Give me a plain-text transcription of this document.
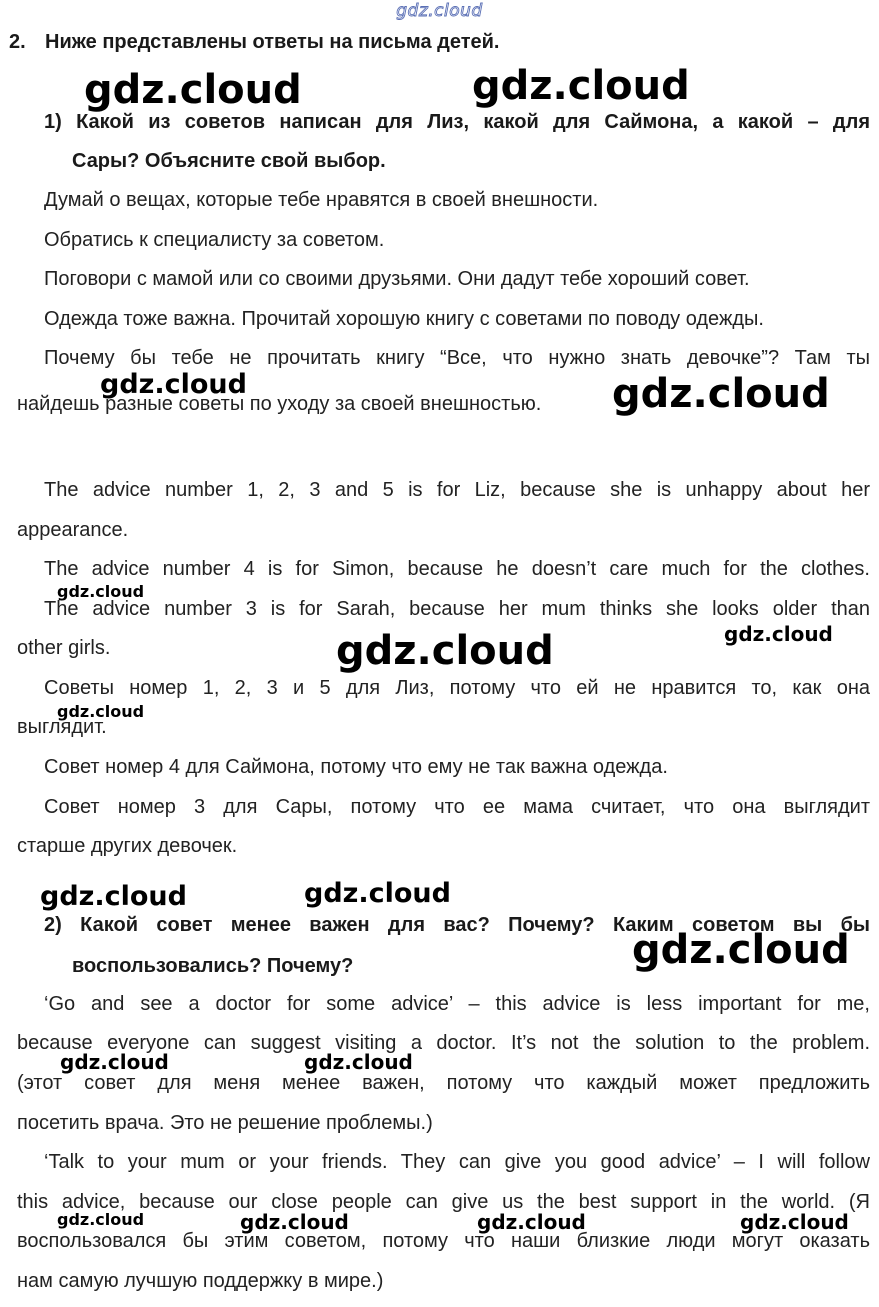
gdz.cloud
2. Ниже представлены ответы на письма детей.
1) Какой из советов написан для Лиз, какой для Саймона, а какой – для
Сары? Объясните свой выбор.
Думай о вещах, которые тебе нравятся в своей внешности.
Обратись к специалисту за советом.
Поговори с мамой или со своими друзьями. Они дадут тебе хороший совет.
Одежда тоже важна. Прочитай хорошую книгу с советами по поводу одежды.
Почему бы тебе не прочитать книгу “Все, что нужно знать девочке”? Там ты
найдешь разные советы по уходу за своей внешностью.
The advice number 1, 2, 3 and 5 is for Liz, because she is unhappy about her
appearance.
The advice number 4 is for Simon, because he doesn’t care much for the clothes.
The advice number 3 is for Sarah, because her mum thinks she looks older than
other girls.
Советы номер 1, 2, 3 и 5 для Лиз, потому что ей не нравится то, как она
выглядит.
Совет номер 4 для Саймона, потому что ему не так важна одежда.
Совет номер 3 для Сары, потому что ее мама считает, что она выглядит
старше других девочек.
2) Какой совет менее важен для вас? Почему? Каким советом вы бы
воспользовались? Почему?
‘Go and see a doctor for some advice’ – this advice is less important for me,
because everyone can suggest visiting a doctor. It’s not the solution to the problem.
(этот совет для меня менее важен, потому что каждый может предложить
посетить врача. Это не решение проблемы.)
‘Talk to your mum or your friends. They can give you good advice’ – I will follow
this advice, because our close people can give us the best support in the world. (Я
воспользовался бы этим советом, потому что наши близкие люди могут оказать
нам самую лучшую поддержку в мире.)
gdz.cloud	gdz.cloud
gdz.cloud	gdz.cloud
gdz.cloud
gdz.cloud
gdz.cloud
gdz.cloud
gdz.cloud	gdz.cloud
gdz.cloud
gdz.cloud	gdz.cloud
gdz.cloud	gdz.cloud	gdz.cloud	gdz.cloud
